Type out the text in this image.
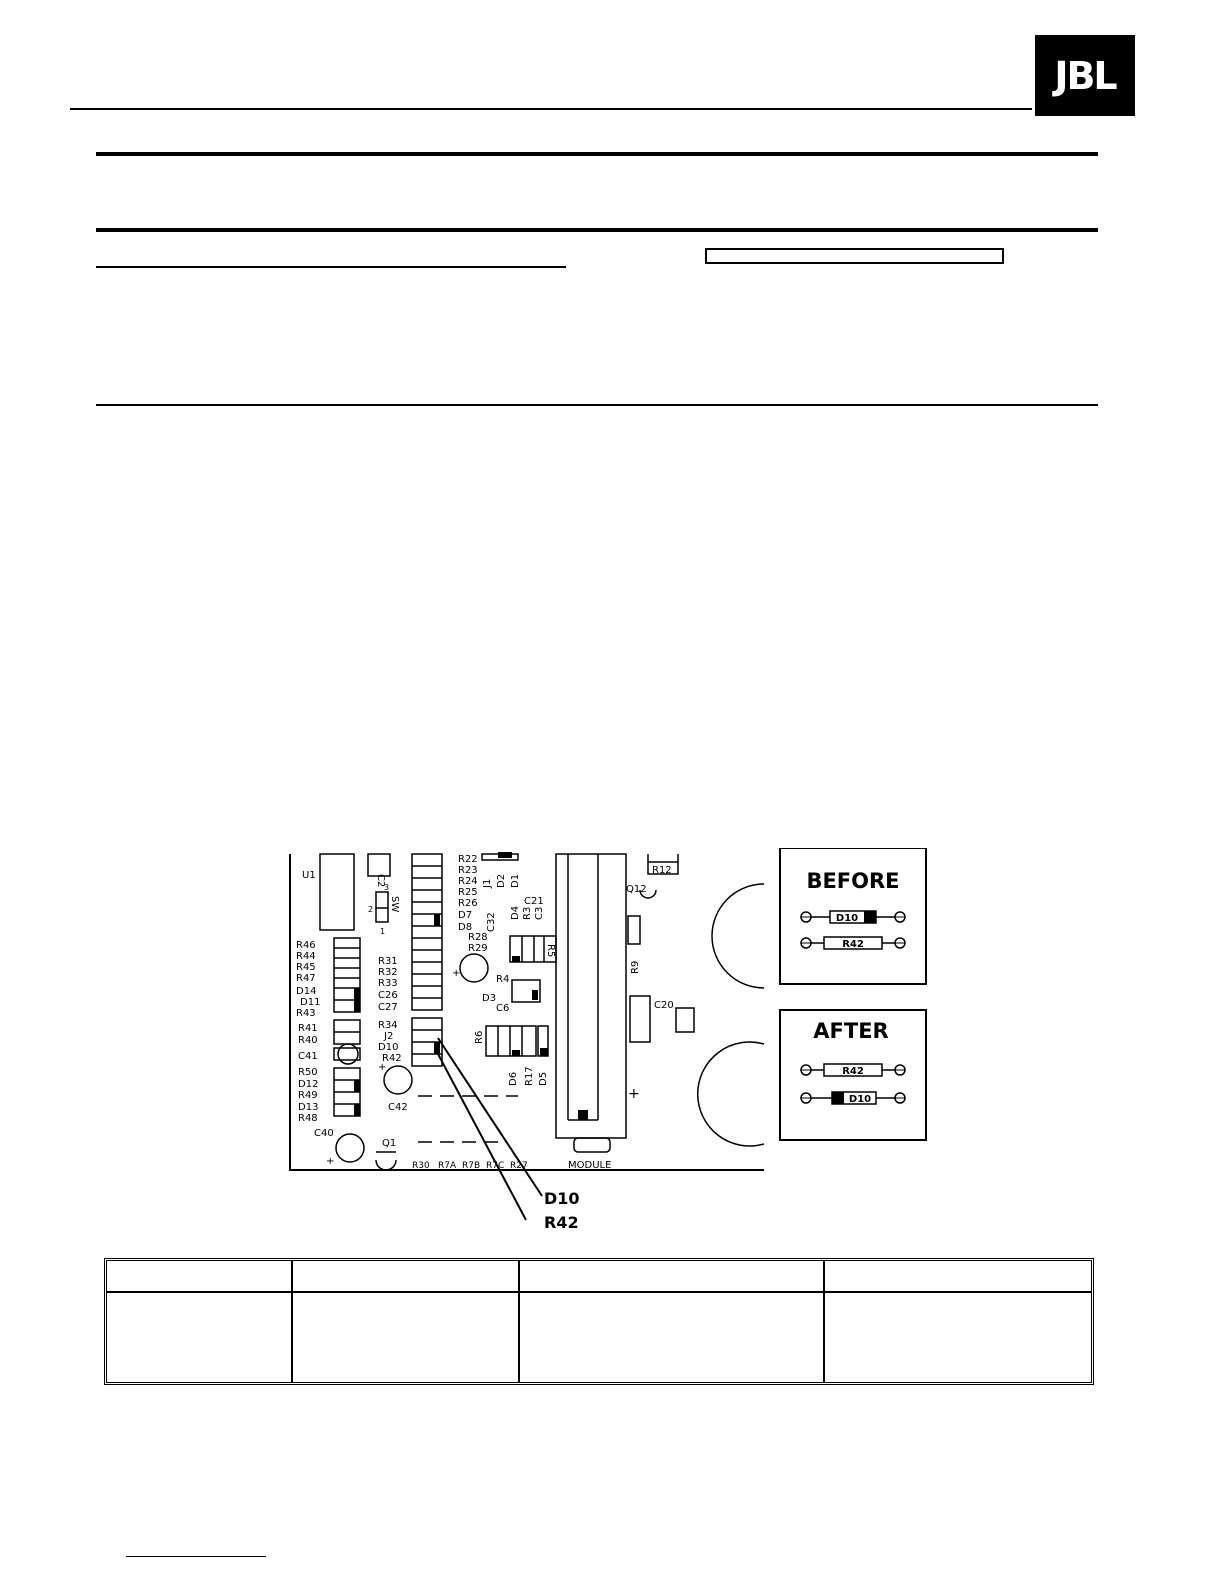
JBL
U1	C2
3
2
1
SW
R46
R44
R45
R47
D14
D11
R43
R41
R40
C41
R50
D12
R49
D13
R48
C40
+
Q1
R31
R32
R33
C26
C27
R34
J2
D10
R42
+
C42
R30 R7A R7B R7C R27	MODULE
R22
R23
R24
R25
R26
D7
D8
R28
R29
C32
+
J1 D2 D1
D4 R3 C3
C21
R5
R4
D3
C6
R6
D6 R17 D5
R12
Q12
R9
C20
+
D10
R42
BEFORE
D10
R42
AFTER
R42
D10
